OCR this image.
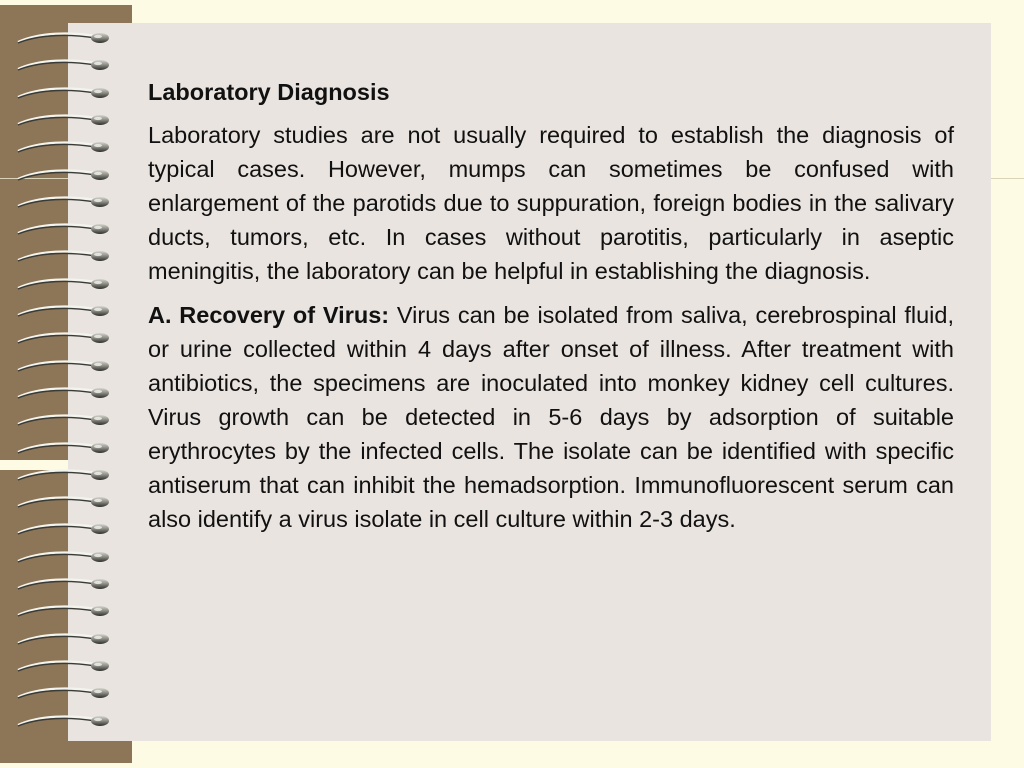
Laboratory Diagnosis

Laboratory studies are not usually required to establish the diagnosis of typical cases. However, mumps can sometimes be confused with enlargement of the parotids due to suppuration, foreign bodies in the salivary ducts, tumors, etc. In cases without parotitis, particularly in aseptic meningitis, the laboratory can be helpful in establishing the diagnosis.

A. Recovery of Virus: Virus can be isolated from saliva, cerebrospinal fluid, or urine collected within 4 days after onset of illness. After treatment with antibiotics, the specimens are inoculated into monkey kidney cell cultures. Virus growth can be detected in 5-6 days by adsorption of suitable erythrocytes by the infected cells. The isolate can be identified with specific antiserum that can inhibit the hemadsorption. Immunofluorescent serum can also identify a virus isolate in cell culture within 2-3 days.
